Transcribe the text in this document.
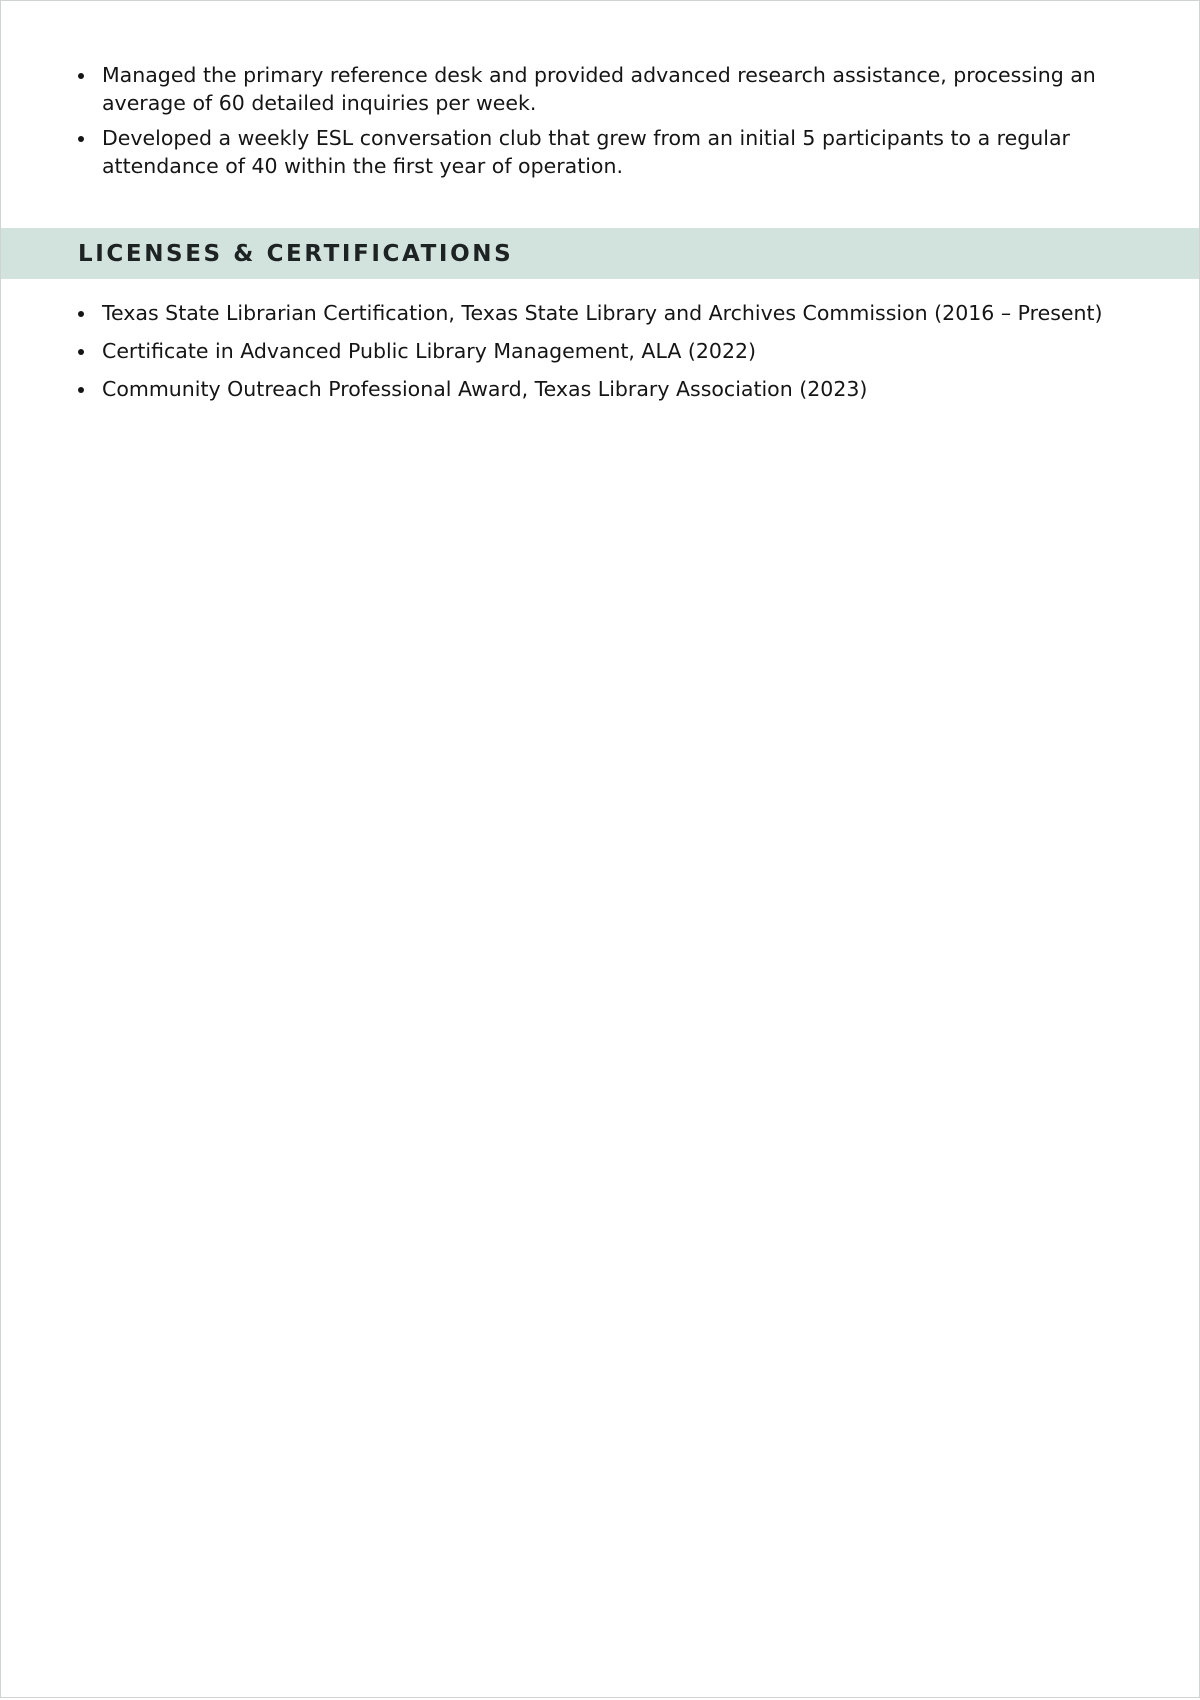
Managed the primary reference desk and provided advanced research assistance, processing an average of 60 detailed inquiries per week.
Developed a weekly ESL conversation club that grew from an initial 5 participants to a regular attendance of 40 within the first year of operation.
LICENSES & CERTIFICATIONS
Texas State Librarian Certification, Texas State Library and Archives Commission (2016 – Present)
Certificate in Advanced Public Library Management, ALA (2022)
Community Outreach Professional Award, Texas Library Association (2023)
